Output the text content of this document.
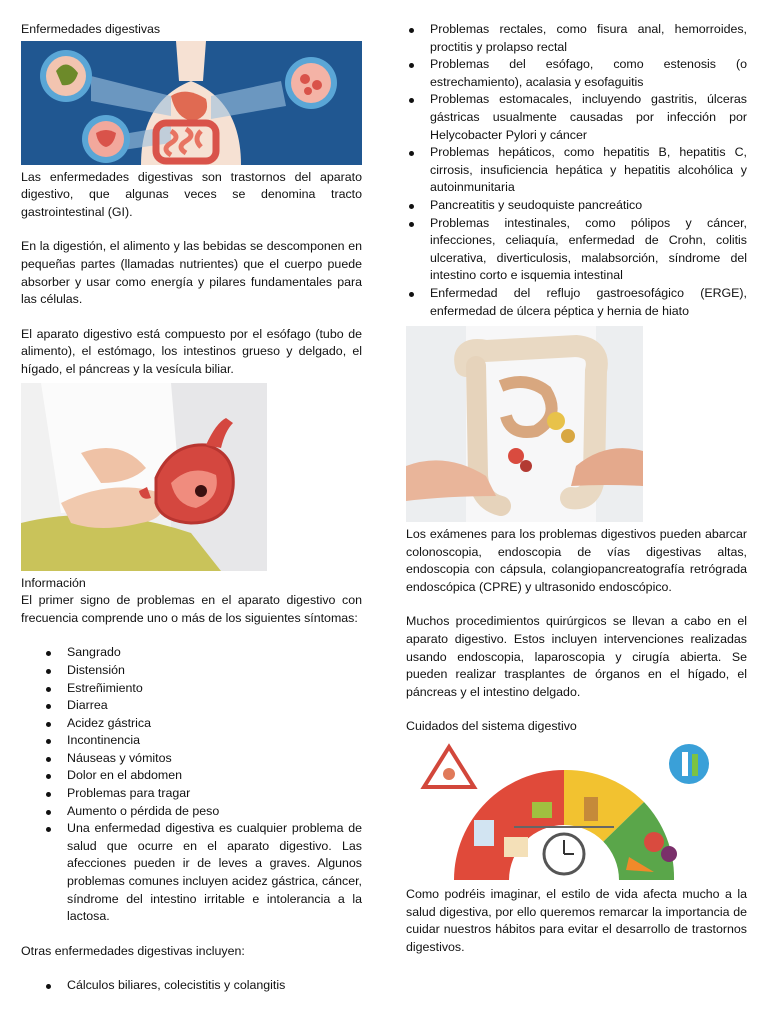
Enfermedades digestivas

Las enfermedades digestivas son trastornos del aparato digestivo, que algunas veces se denomina tracto gastrointestinal (GI).

En la digestión, el alimento y las bebidas se descomponen en pequeñas partes (llamadas nutrientes) que el cuerpo puede absorber y usar como energía y pilares fundamentales para las células.

El aparato digestivo está compuesto por el esófago (tubo de alimento), el estómago, los intestinos grueso y delgado, el hígado, el páncreas y la vesícula biliar.

Información

El primer signo de problemas en el aparato digestivo con frecuencia comprende uno o más de los siguientes síntomas:

Sangrado
Distensión
Estreñimiento
Diarrea
Acidez gástrica
Incontinencia
Náuseas y vómitos
Dolor en el abdomen
Problemas para tragar
Aumento o pérdida de peso
Una enfermedad digestiva es cualquier problema de salud que ocurre en el aparato digestivo. Las afecciones pueden ir de leves a graves. Algunos problemas comunes incluyen acidez gástrica, cáncer, síndrome del intestino irritable e intolerancia a la lactosa.

Otras enfermedades digestivas incluyen:

Cálculos biliares, colecistitis y colangitis
Problemas rectales, como fisura anal, hemorroides, proctitis y prolapso rectal
Problemas del esófago, como estenosis (o estrechamiento), acalasia y esofaguitis
Problemas estomacales, incluyendo gastritis, úlceras gástricas usualmente causadas por infección por Helycobacter Pylori y cáncer
Problemas hepáticos, como hepatitis B, hepatitis C, cirrosis, insuficiencia hepática y hepatitis alcohólica y autoinmunitaria
Pancreatitis y seudoquiste pancreático
Problemas intestinales, como pólipos y cáncer, infecciones, celiaquía, enfermedad de Crohn, colitis ulcerativa, diverticulosis, malabsorción, síndrome del intestino corto e isquemia intestinal
Enfermedad del reflujo gastroesofágico (ERGE), enfermedad de úlcera péptica y hernia de hiato

Los exámenes para los problemas digestivos pueden abarcar colonoscopia, endoscopia de vías digestivas altas, endoscopia con cápsula, colangiopancreatografía retrógrada endoscópica (CPRE) y ultrasonido endoscópico.

Muchos procedimientos quirúrgicos se llevan a cabo en el aparato digestivo. Estos incluyen intervenciones realizadas usando endoscopia, laparoscopia y cirugía abierta. Se pueden realizar trasplantes de órganos en el hígado, el páncreas y el intestino delgado.

Cuidados del sistema digestivo

Como podréis imaginar, el estilo de vida afecta mucho a la salud digestiva, por ello queremos remarcar la importancia de cuidar nuestros hábitos para evitar el desarrollo de trastornos digestivos.
